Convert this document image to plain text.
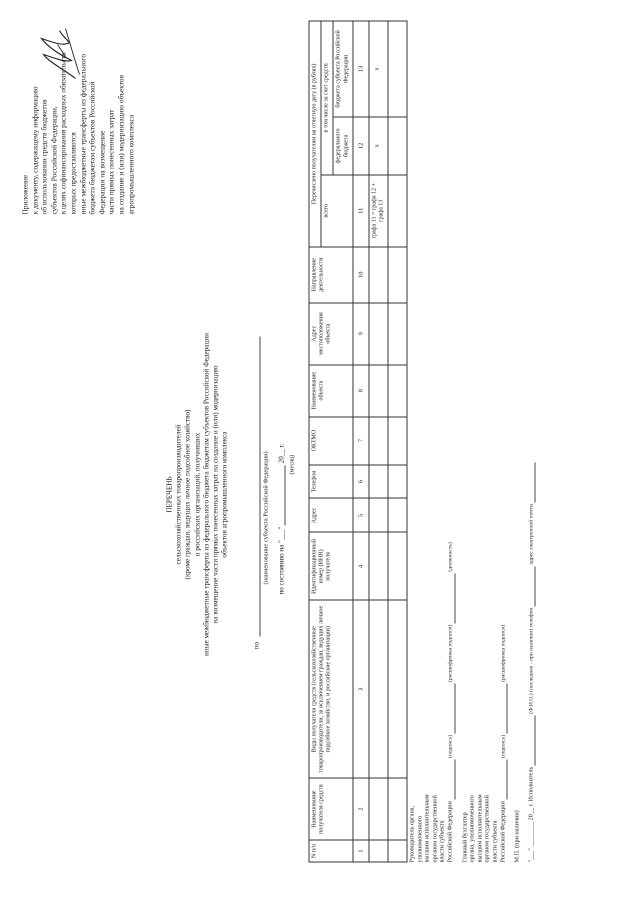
Приложение к документу, содержащему информацию об использовании средств бюджетов субъектов Российской Федерации, в целях софинансирования расходных обязательств которых предоставляются иные межбюджетные трансферты из федерального бюджета бюджетам субъектов Российской Федерации на возмещение части прямых понесенных затрат на создание и (или) модернизацию объектов агропромышленного комплекса
ПЕРЕЧЕНЬ сельскохозяйственных товаропроизводителей (кроме граждан, ведущих личное подсобное хозяйство) и российских организаций, получивших иные межбюджетные трансферты из федерального бюджета бюджетам субъектов Российской Федерации на возмещение части прямых понесенных затрат на создание и (или) модернизацию объектов агропромышленного комплекса
по
(наименование субъекта Российской Федерации) по состоянию на "___"  20__ г.
(месяц)
N п/п	Наименование получателя средств	Виды получателя средств (сельскохозяйственные товаропроизводители, за исключением граждан, ведущих личное подсобное хозяйство, и российские организации)	Идентификационный номер (ИНН) получателя	Адрес	Телефон	ОКТМО	Наименование объекта	Адрес местоположения объекта	Направление деятельности	Перечислено получателям на отчетную дату (в рублях)		
										всего	в том числе за счет средств	
											федерального бюджета	бюджета субъекта Российской Федерации
1	2	3	4	5	6	7	8	9	10	11	12	13
										графа 11 = графа 12 + графа 13	x	x

Руководитель органа, уполномоченного высшим исполнительным органом государственной власти субъекта Российской Федерации  (подпись)  (расшифровка подписи)  (должность)
Главный бухгалтер органа, уполномоченного высшим исполнительным органом государственной власти субъекта Российской Федерации  (подпись)  (расшифровка подписи)
М.П. (при наличии) "___" ________ 20__ г. Исполнитель  (Ф.И.О.) (последнее - при наличии) телефон  адрес электронной почты
